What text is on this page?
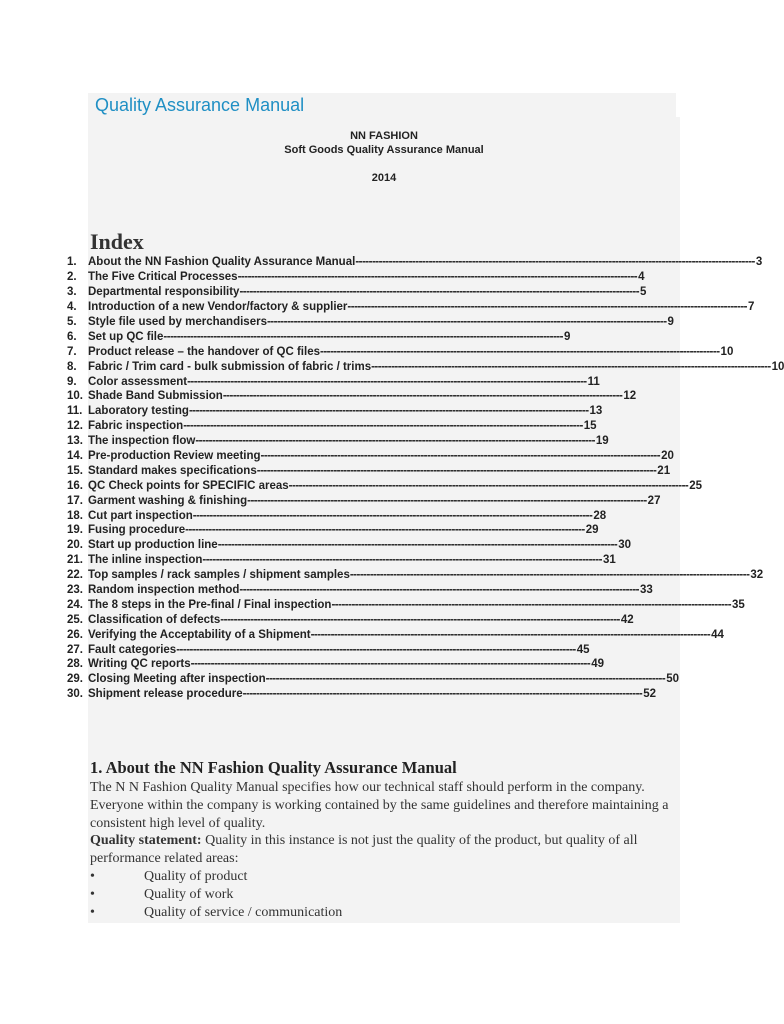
Quality Assurance Manual
NN FASHION
Soft Goods Quality Assurance Manual
2014
Index
1. About the NN Fashion Quality Assurance Manual ------------------------------------------------------------------------------------------------------------------------ 3
2. The Five Critical Processes ------------------------------------------------------------------------------------------------------------------------ 4
3. Departmental responsibility ------------------------------------------------------------------------------------------------------------------------ 5
4. Introduction of a new Vendor/factory & supplier ------------------------------------------------------------------------------------------------------------------------ 7
5. Style file used by merchandisers ------------------------------------------------------------------------------------------------------------------------ 9
6. Set up QC file ------------------------------------------------------------------------------------------------------------------------ 9
7. Product release – the handover of QC files ------------------------------------------------------------------------------------------------------------------------ 10
8. Fabric / Trim card - bulk submission of fabric / trims ------------------------------------------------------------------------------------------------------------------------ 10
9. Color assessment ------------------------------------------------------------------------------------------------------------------------ 11
10. Shade Band Submission ------------------------------------------------------------------------------------------------------------------------ 12
11. Laboratory testing ------------------------------------------------------------------------------------------------------------------------ 13
12. Fabric inspection ------------------------------------------------------------------------------------------------------------------------ 15
13. The inspection flow ------------------------------------------------------------------------------------------------------------------------ 19
14. Pre-production Review meeting ------------------------------------------------------------------------------------------------------------------------ 20
15. Standard makes specifications ------------------------------------------------------------------------------------------------------------------------ 21
16. QC Check points for SPECIFIC areas ------------------------------------------------------------------------------------------------------------------------ 25
17. Garment washing & finishing ------------------------------------------------------------------------------------------------------------------------ 27
18. Cut part inspection ------------------------------------------------------------------------------------------------------------------------ 28
19. Fusing procedure ------------------------------------------------------------------------------------------------------------------------ 29
20. Start up production line ------------------------------------------------------------------------------------------------------------------------ 30
21. The inline inspection ------------------------------------------------------------------------------------------------------------------------ 31
22. Top samples / rack samples / shipment samples ------------------------------------------------------------------------------------------------------------------------ 32
23. Random inspection method ------------------------------------------------------------------------------------------------------------------------ 33
24. The 8 steps in the Pre-final / Final inspection ------------------------------------------------------------------------------------------------------------------------ 35
25. Classification of defects ------------------------------------------------------------------------------------------------------------------------ 42
26. Verifying the Acceptability of a Shipment ------------------------------------------------------------------------------------------------------------------------ 44
27. Fault categories ------------------------------------------------------------------------------------------------------------------------ 45
28. Writing QC reports ------------------------------------------------------------------------------------------------------------------------ 49
29. Closing Meeting after inspection ------------------------------------------------------------------------------------------------------------------------ 50
30. Shipment release procedure ------------------------------------------------------------------------------------------------------------------------ 52
1. About the NN Fashion Quality Assurance Manual

The N N Fashion Quality Manual specifies how our technical staff should perform in the company. Everyone within the company is working contained by the same guidelines and therefore maintaining a consistent high level of quality.

Quality statement: Quality in this instance is not just the quality of the product, but quality of all performance related areas:

•	Quality of product
•	Quality of work
•	Quality of service / communication
